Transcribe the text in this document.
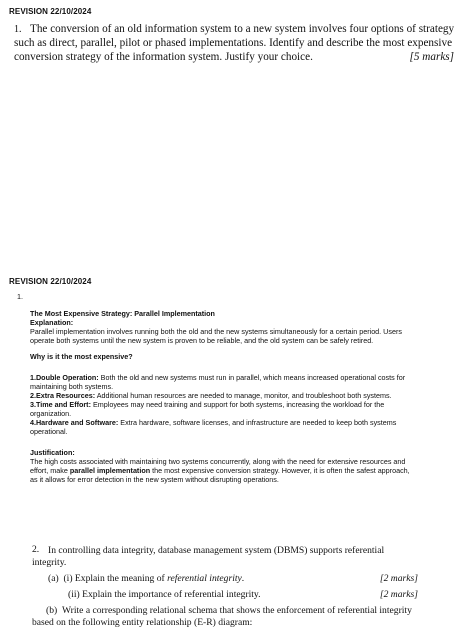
REVISION 22/10/2024
1. The conversion of an old information system to a new system involves four options of strategy
such as direct, parallel, pilot or phased implementations. Identify and describe the most expensive
conversion strategy of the information system. Justify your choice.	[5 marks]
REVISION 22/10/2024
1.

The Most Expensive Strategy: Parallel Implementation

Explanation:

Parallel implementation involves running both the old and the new systems simultaneously for a certain period. Users

operate both systems until the new system is proven to be reliable, and the old system can be safely retired.

Why is it the most expensive?

1.Double Operation: Both the old and new systems must run in parallel, which means increased operational costs for

maintaining both systems.

2.Extra Resources: Additional human resources are needed to manage, monitor, and troubleshoot both systems.

3.Time and Effort: Employees may need training and support for both systems, increasing the workload for the

organization.

4.Hardware and Software: Extra hardware, software licenses, and infrastructure are needed to keep both systems

operational.

Justification:

The high costs associated with maintaining two systems concurrently, along with the need for extensive resources and

effort, make parallel implementation the most expensive conversion strategy. However, it is often the safest approach,

as it allows for error detection in the new system without disrupting operations.

2. In controlling data integrity, database management system (DBMS) supports referential
integrity.
(a) (i) Explain the meaning of referential integrity.	[2 marks]
(ii) Explain the importance of referential integrity.	[2 marks]
(b) Write a corresponding relational schema that shows the enforcement of referential integrity
based on the following entity relationship (E-R) diagram:
